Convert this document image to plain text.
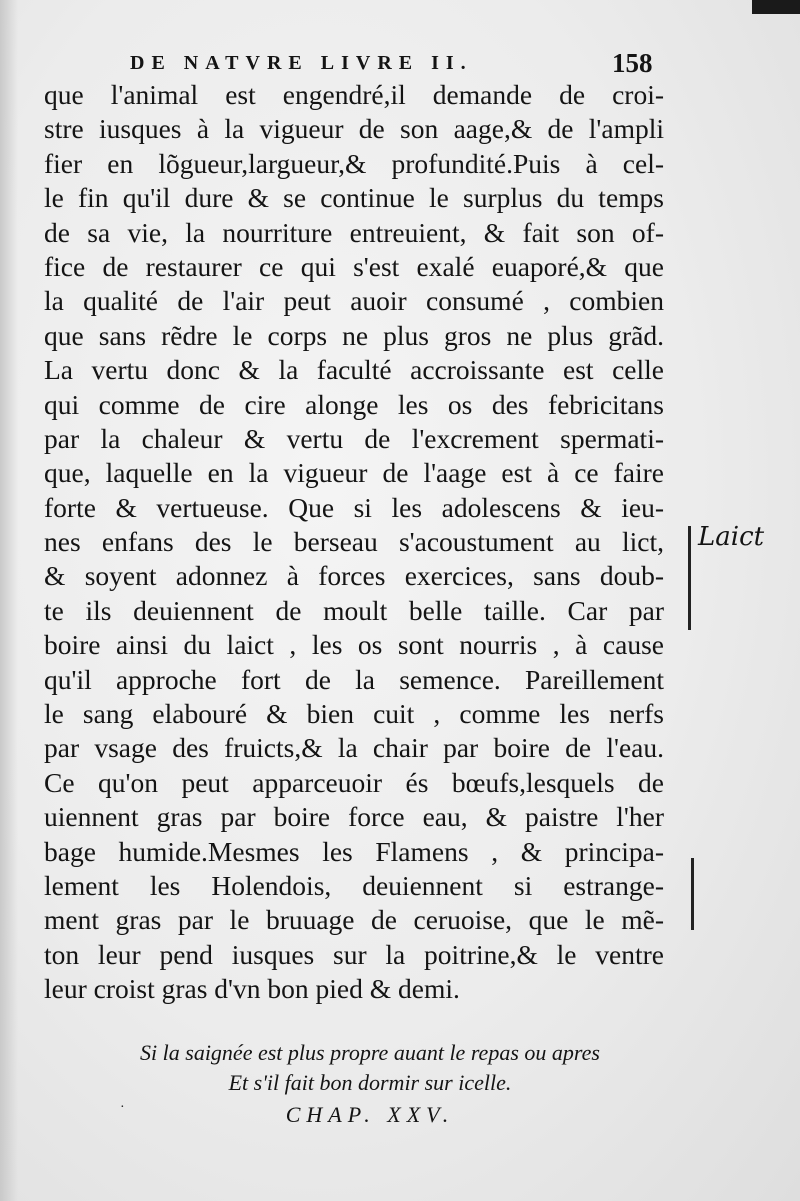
DE NATVRE LIVRE II.	158
que l'animal est engendré,il demande de croi-
stre iusques à la vigueur de son aage,& de l'ampli
fier en lõgueur,largueur,& profundité.Puis à cel-
le fin qu'il dure & se continue le surplus du temps
de sa vie, la nourriture entreuient, & fait son of-
fice de restaurer ce qui s'est exalé euaporé,& que
la qualité de l'air peut auoir consumé , combien
que sans rẽdre le corps ne plus gros ne plus grãd.
La vertu donc & la faculté accroissante est celle
qui comme de cire alonge les os des febricitans
par la chaleur & vertu de l'excrement spermati-
que, laquelle en la vigueur de l'aage est à ce faire
forte & vertueuse. Que si les adolescens & ieu-
nes enfans des le berseau s'acoustument au lict,
& soyent adonnez à forces exercices, sans doub-
te ils deuiennent de moult belle taille. Car par
boire ainsi du laict , les os sont nourris , à cause
qu'il approche fort de la semence. Pareillement
le sang elabouré & bien cuit , comme les nerfs
par vsage des fruicts,& la chair par boire de l'eau.
Ce qu'on peut apparceuoir és bœufs,lesquels de
uiennent gras par boire force eau, & paistre l'her
bage humide.Mesmes les Flamens , & principa-
lement les Holendois, deuiennent si estrange-
ment gras par le bruuage de ceruoise, que le mẽ-
ton leur pend iusques sur la poitrine,& le ventre
leur croist gras d'vn bon pied & demi.
Laict
Si la saignée est plus propre auant le repas ou apres
Et s'il fait bon dormir sur icelle.
CHAP. XXV.
·
